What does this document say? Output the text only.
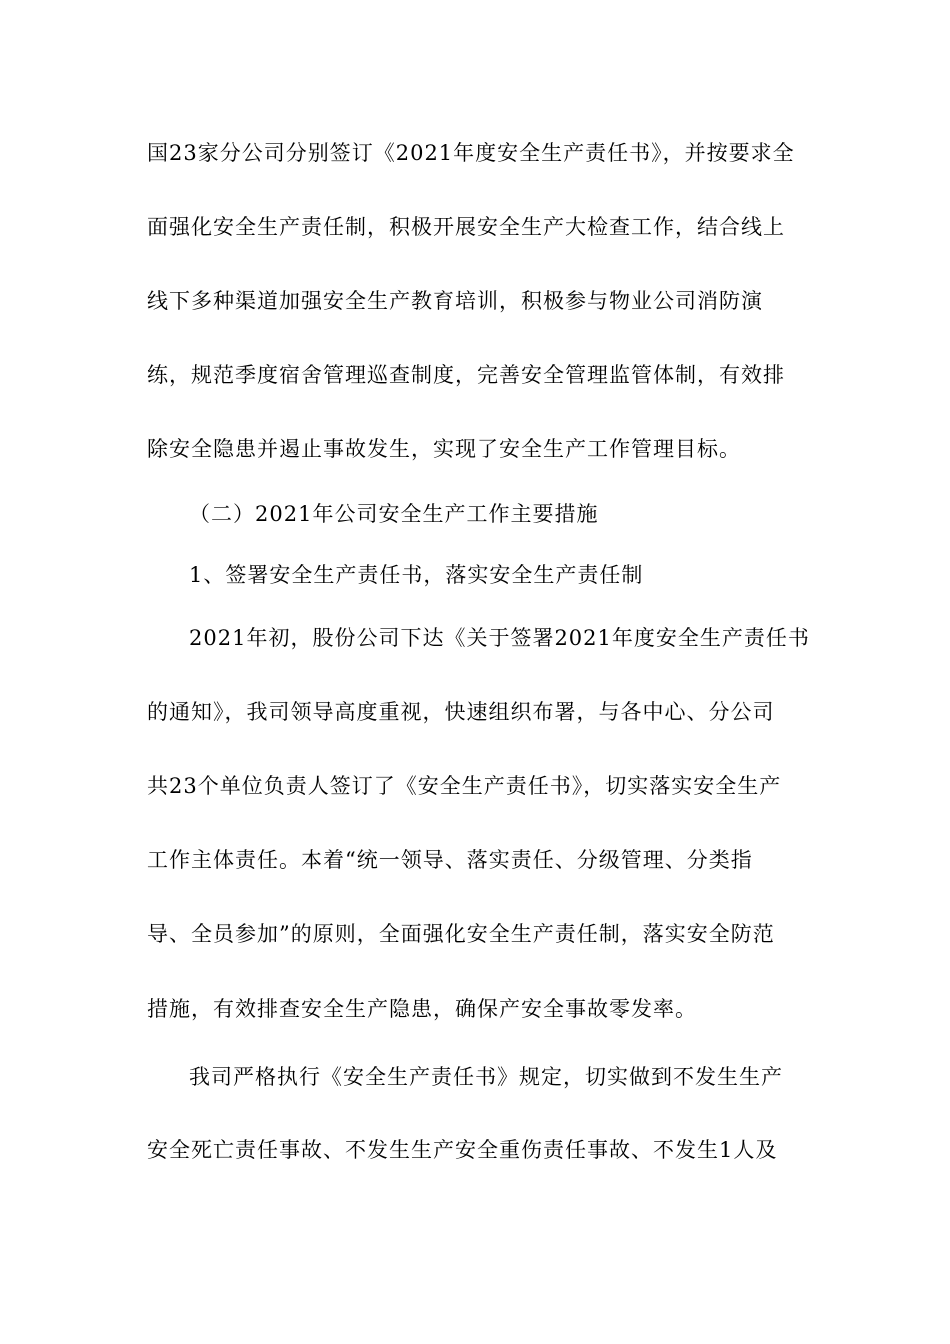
国23家分公司分别签订《2021年度安全生产责任书》，并按要求全
面强化安全生产责任制，积极开展安全生产大检查工作，结合线上
线下多种渠道加强安全生产教育培训，积极参与物业公司消防演
练，规范季度宿舍管理巡查制度，完善安全管理监管体制，有效排
除安全隐患并遏止事故发生，实现了安全生产工作管理目标。
（二）2021年公司安全生产工作主要措施
1、签署安全生产责任书，落实安全生产责任制
2021年初，股份公司下达《关于签署2021年度安全生产责任书
的通知》，我司领导高度重视，快速组织布署，与各中心、分公司
共23个单位负责人签订了《安全生产责任书》，切实落实安全生产
工作主体责任。本着“统一领导、落实责任、分级管理、分类指
导、全员参加”的原则，全面强化安全生产责任制，落实安全防范
措施，有效排查安全生产隐患，确保产安全事故零发率。
我司严格执行《安全生产责任书》规定，切实做到不发生生产
安全死亡责任事故、不发生生产安全重伤责任事故、不发生1人及
